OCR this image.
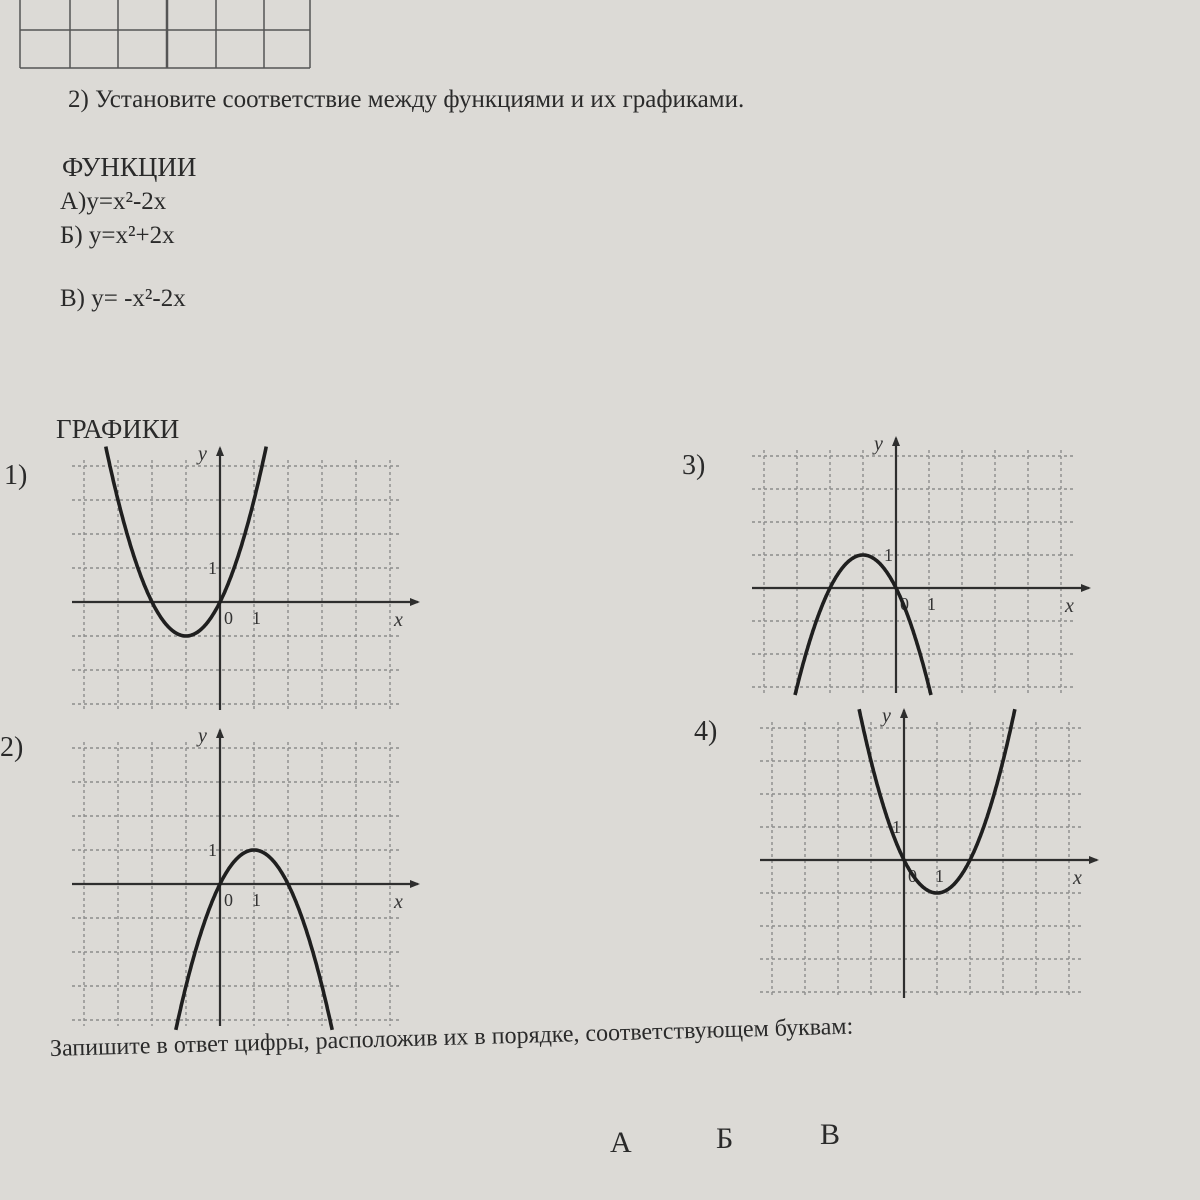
2) Установите соответствие между функциями и их графиками.
ФУНКЦИИ
А)y=x²-2x
Б) y=x²+2x
В) y= -x²-2x
ГРАФИКИ
1)
2)
3)
4)
x
y
0 1
1
x
y
0 1
1
x
y
0 1
1
x
y
0 1
1
Запишите в ответ цифры, расположив их в порядке, соответствующем буквам:
А	Б	В
